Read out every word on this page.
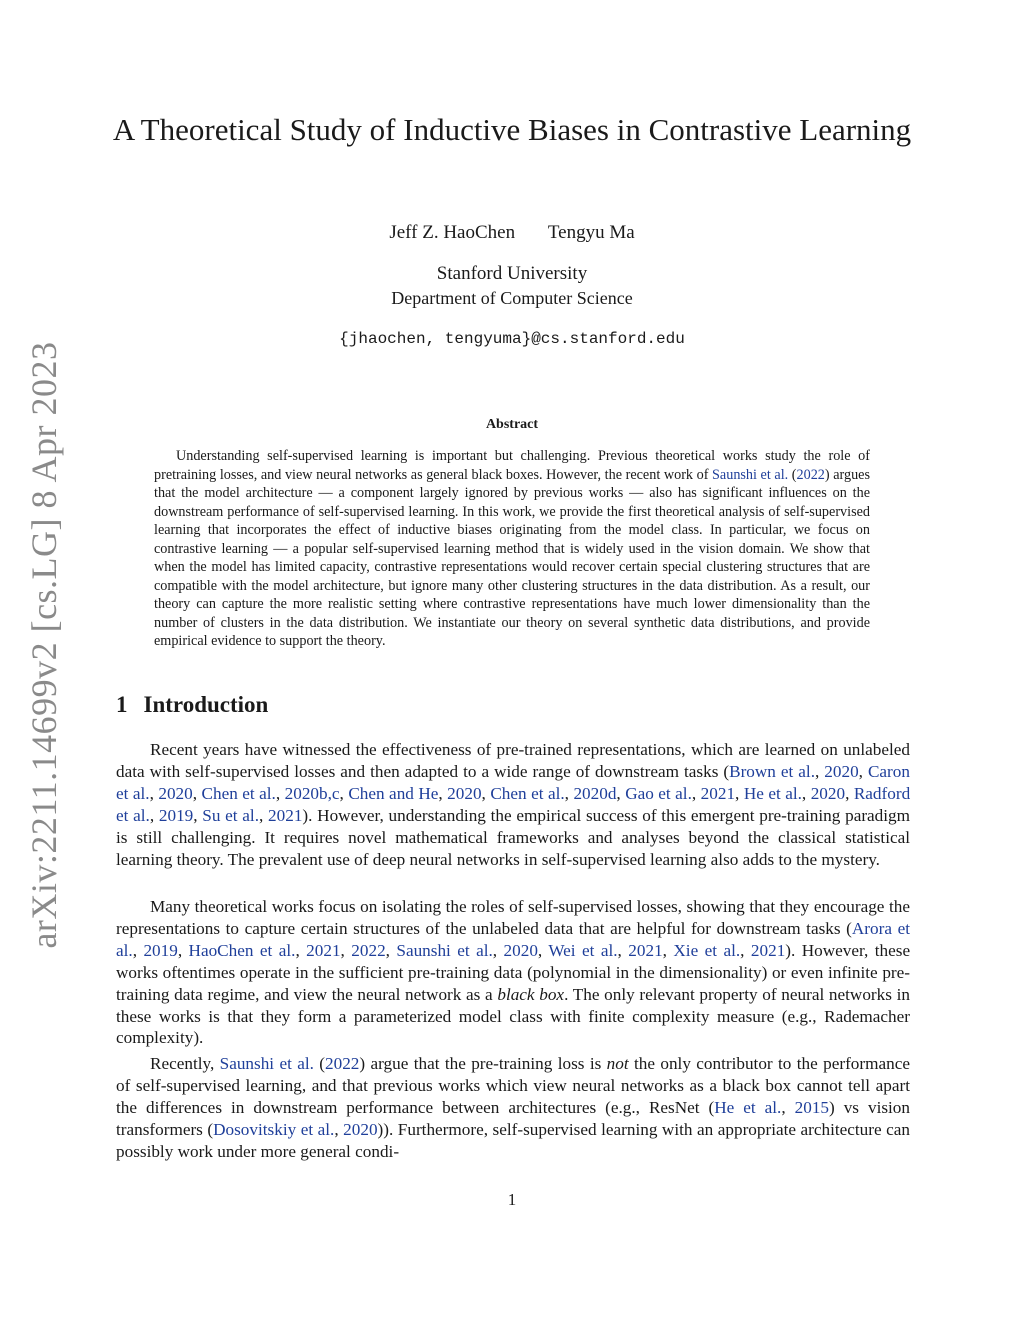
arXiv:2211.14699v2 [cs.LG] 8 Apr 2023
A Theoretical Study of Inductive Biases in Contrastive Learning
Jeff Z. HaoChen Tengyu Ma
Stanford University
Department of Computer Science
{jhaochen, tengyuma}@cs.stanford.edu
Abstract

Understanding self-supervised learning is important but challenging. Previous theoretical works study the role of pretraining losses, and view neural networks as general black boxes. However, the recent work of Saunshi et al. (2022) argues that the model architecture — a component largely ignored by previous works — also has significant influences on the downstream performance of self-supervised learning. In this work, we provide the first theoretical analysis of self-supervised learning that incorporates the effect of inductive biases originating from the model class. In particular, we focus on contrastive learning — a popular self-supervised learning method that is widely used in the vision domain. We show that when the model has limited capacity, contrastive representations would recover certain special clustering structures that are compatible with the model architecture, but ignore many other clustering structures in the data distribution. As a result, our theory can capture the more realistic setting where contrastive representations have much lower dimensionality than the number of clusters in the data distribution. We instantiate our theory on several synthetic data distributions, and provide empirical evidence to support the theory.

1 Introduction

Recent years have witnessed the effectiveness of pre-trained representations, which are learned on unlabeled data with self-supervised losses and then adapted to a wide range of downstream tasks (Brown et al., 2020, Caron et al., 2020, Chen et al., 2020b,c, Chen and He, 2020, Chen et al., 2020d, Gao et al., 2021, He et al., 2020, Radford et al., 2019, Su et al., 2021). However, understanding the empirical success of this emergent pre-training paradigm is still challenging. It requires novel mathematical frameworks and analyses beyond the classical statistical learning theory. The prevalent use of deep neural networks in self-supervised learning also adds to the mystery.

Many theoretical works focus on isolating the roles of self-supervised losses, showing that they encourage the representations to capture certain structures of the unlabeled data that are helpful for downstream tasks (Arora et al., 2019, HaoChen et al., 2021, 2022, Saunshi et al., 2020, Wei et al., 2021, Xie et al., 2021). However, these works oftentimes operate in the sufficient pre-training data (polynomial in the dimensionality) or even infinite pre-training data regime, and view the neural network as a black box. The only relevant property of neural networks in these works is that they form a parameterized model class with finite complexity measure (e.g., Rademacher complexity).

Recently, Saunshi et al. (2022) argue that the pre-training loss is not the only contributor to the performance of self-supervised learning, and that previous works which view neural networks as a black box cannot tell apart the differences in downstream performance between architectures (e.g., ResNet (He et al., 2015) vs vision transformers (Dosovitskiy et al., 2020)). Furthermore, self-supervised learning with an appropriate architecture can possibly work under more general condi-

1
